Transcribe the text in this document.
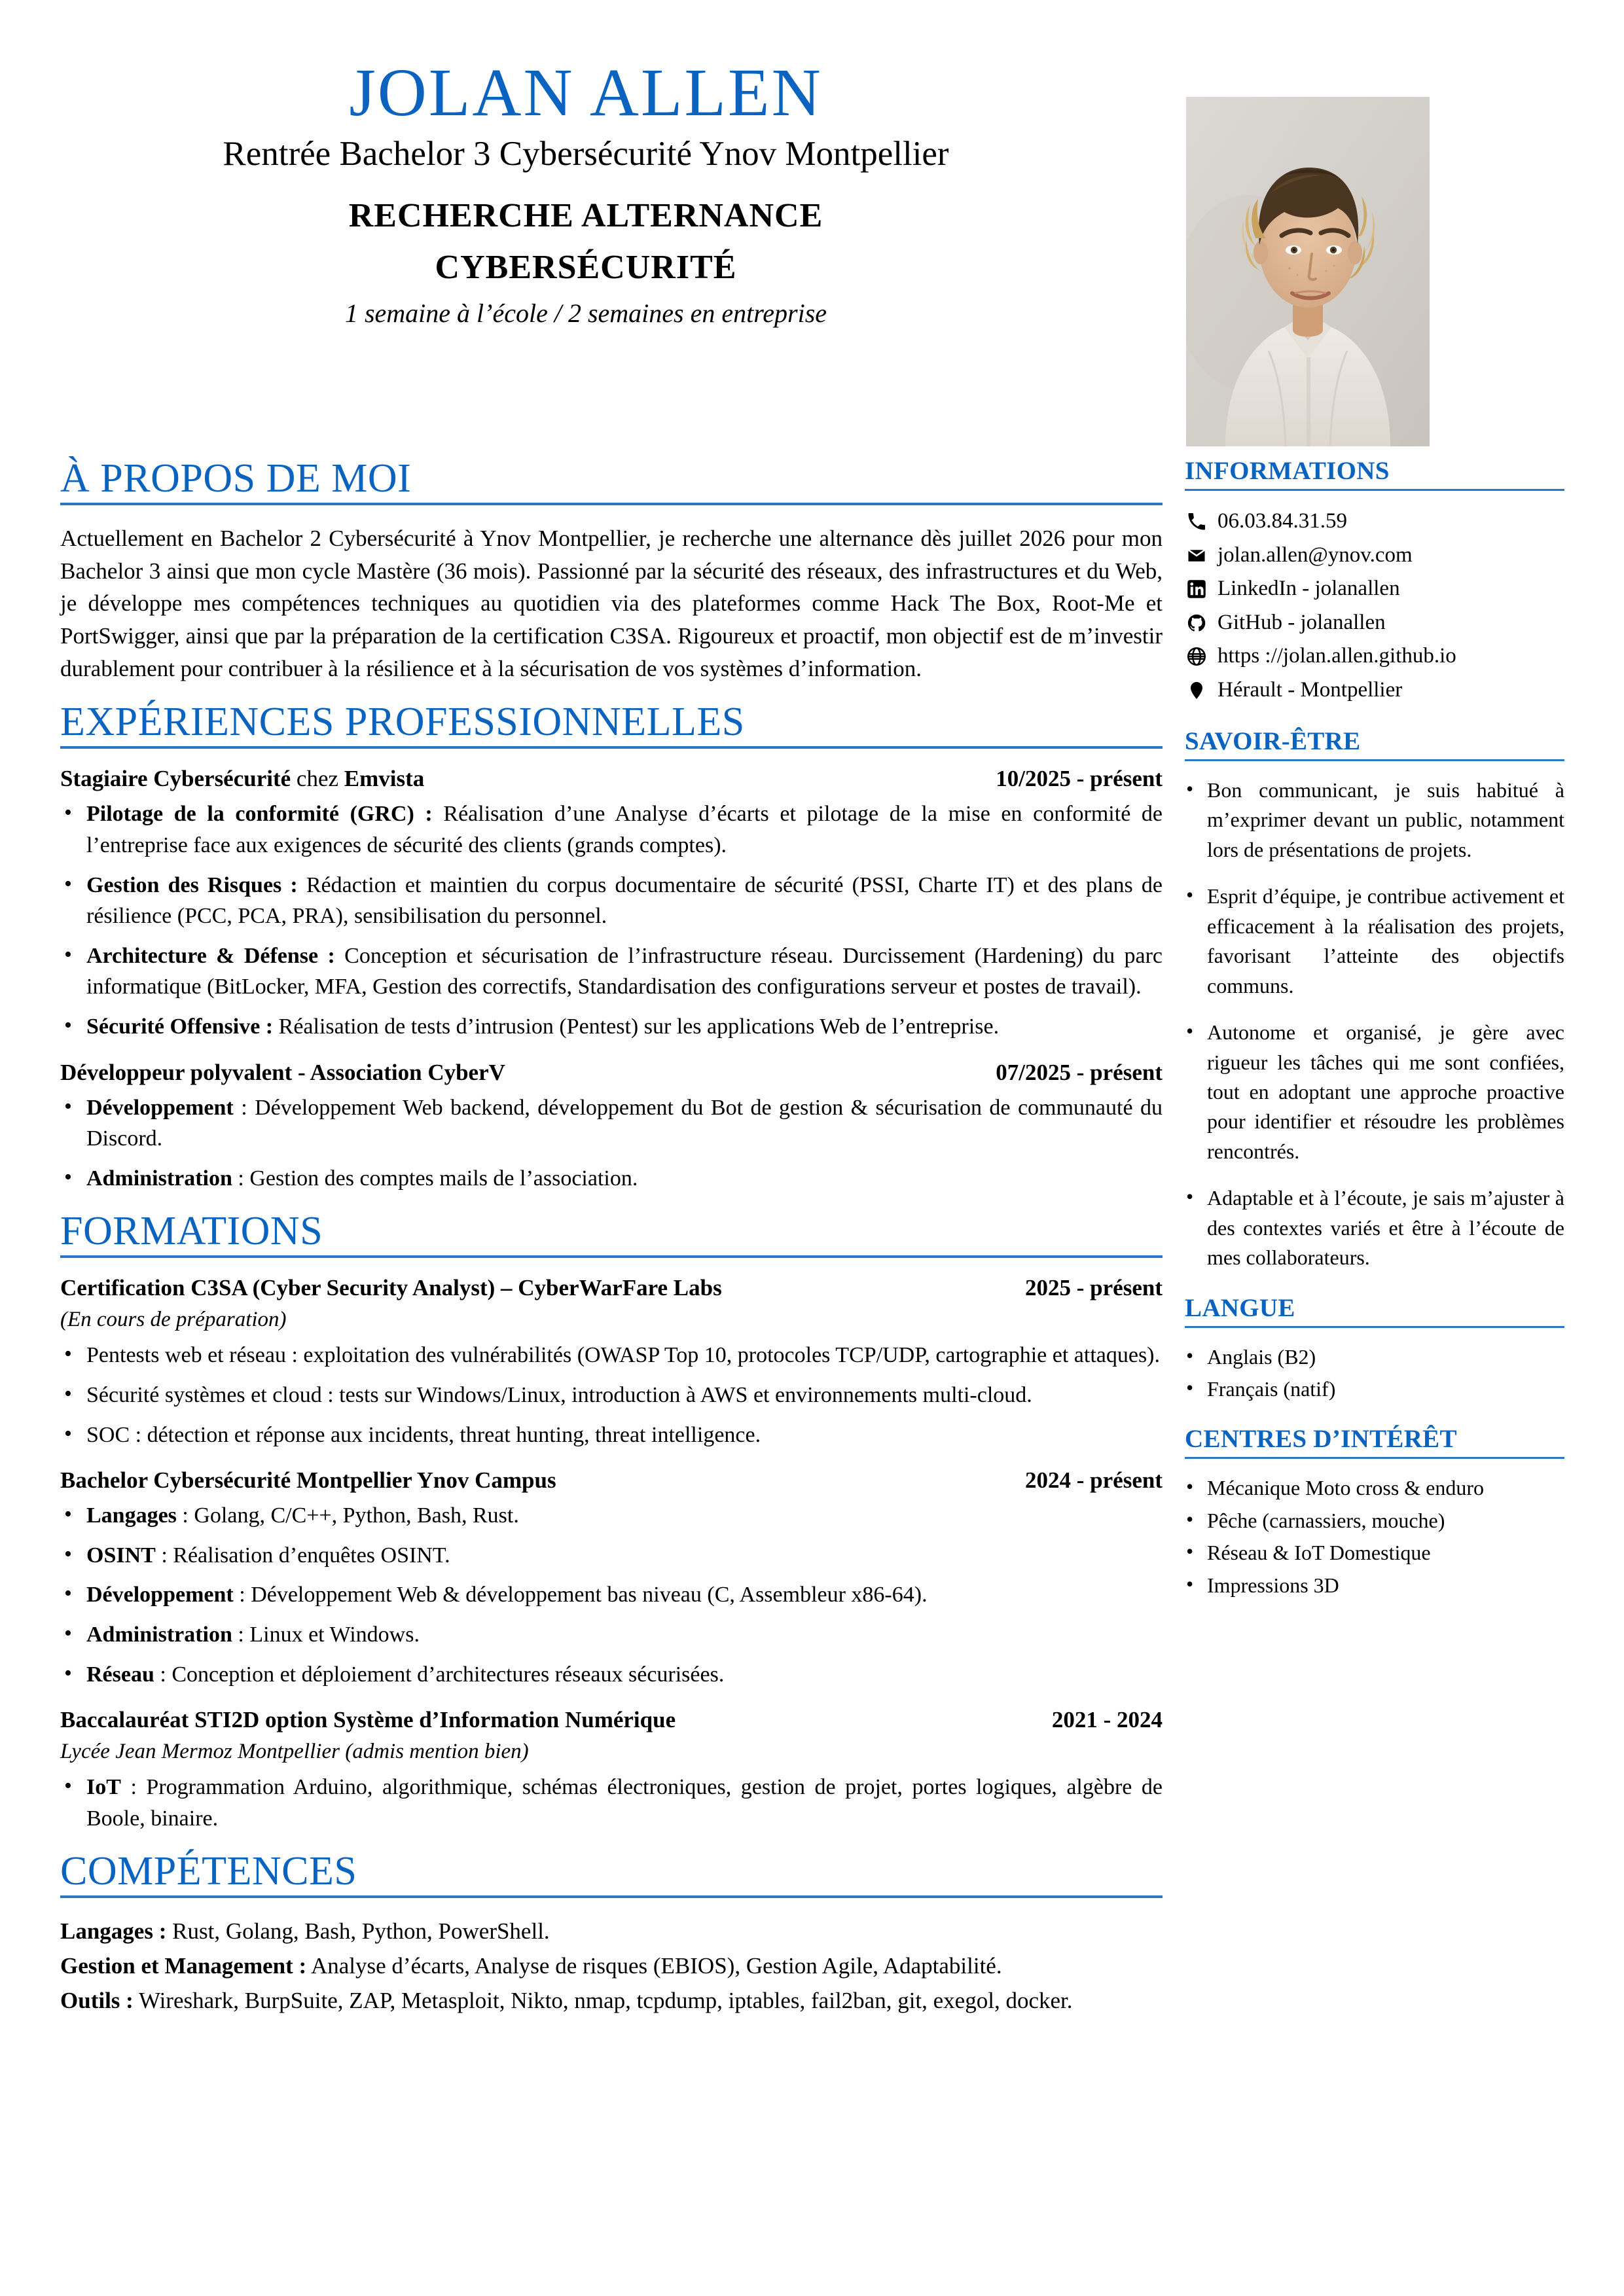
JOLAN ALLEN
Rentrée Bachelor 3 Cybersécurité Ynov Montpellier
RECHERCHE ALTERNANCE
CYBERSÉCURITÉ
1 semaine à l’école / 2 semaines en entreprise
À PROPOS DE MOI

Actuellement en Bachelor 2 Cybersécurité à Ynov Montpellier, je recherche une alternance dès juillet 2026 pour mon Bachelor 3 ainsi que mon cycle Mastère (36 mois). Passionné par la sécurité des réseaux, des infrastructures et du Web, je développe mes compétences techniques au quotidien via des plateformes comme Hack The Box, Root-Me et PortSwigger, ainsi que par la préparation de la certification C3SA. Rigoureux et proactif, mon objectif est de m’investir durablement pour contribuer à la résilience et à la sécurisation de vos systèmes d’information.

EXPÉRIENCES PROFESSIONNELLES
Stagiaire Cybersécurité chez Emvista	10/2025 - présent
• Pilotage de la conformité (GRC) : Réalisation d’une Analyse d’écarts et pilotage de la mise en conformité de l’entreprise face aux exigences de sécurité des clients (grands comptes).
• Gestion des Risques : Rédaction et maintien du corpus documentaire de sécurité (PSSI, Charte IT) et des plans de résilience (PCC, PCA, PRA), sensibilisation du personnel.
• Architecture & Défense : Conception et sécurisation de l’infrastructure réseau. Durcissement (Hardening) du parc informatique (BitLocker, MFA, Gestion des correctifs, Standardisation des configurations serveur et postes de travail).
• Sécurité Offensive : Réalisation de tests d’intrusion (Pentest) sur les applications Web de l’entreprise.
Développeur polyvalent - Association CyberV	07/2025 - présent
• Développement : Développement Web backend, développement du Bot de gestion & sécurisation de communauté du Discord.
• Administration : Gestion des comptes mails de l’association.
FORMATIONS
Certification C3SA (Cyber Security Analyst) – CyberWarFare Labs	2025 - présent
(En cours de préparation)
• Pentests web et réseau : exploitation des vulnérabilités (OWASP Top 10, protocoles TCP/UDP, cartographie et attaques).
• Sécurité systèmes et cloud : tests sur Windows/Linux, introduction à AWS et environnements multi-cloud.
• SOC : détection et réponse aux incidents, threat hunting, threat intelligence.
Bachelor Cybersécurité Montpellier Ynov Campus	2024 - présent
• Langages : Golang, C/C++, Python, Bash, Rust.
• OSINT : Réalisation d’enquêtes OSINT.
• Développement : Développement Web & développement bas niveau (C, Assembleur x86-64).
• Administration : Linux et Windows.
• Réseau : Conception et déploiement d’architectures réseaux sécurisées.
Baccalauréat STI2D option Système d’Information Numérique	2021 - 2024
Lycée Jean Mermoz Montpellier (admis mention bien)
• IoT : Programmation Arduino, algorithmique, schémas électroniques, gestion de projet, portes logiques, algèbre de Boole, binaire.
COMPÉTENCES

Langages : Rust, Golang, Bash, Python, PowerShell.

Gestion et Management : Analyse d’écarts, Analyse de risques (EBIOS), Gestion Agile, Adaptabilité.

Outils : Wireshark, BurpSuite, ZAP, Metasploit, Nikto, nmap, tcpdump, iptables, fail2ban, git, exegol, docker.

INFORMATIONS
06.03.84.31.59
jolan.allen@ynov.com
LinkedIn - jolanallen
GitHub - jolanallen
https ://jolan.allen.github.io
Hérault - Montpellier
SAVOIR-ÊTRE
• Bon communicant, je suis habitué à m’exprimer devant un public, notamment lors de présentations de projets.
• Esprit d’équipe, je contribue activement et efficacement à la réalisation des projets, favorisant l’atteinte des objectifs communs.
• Autonome et organisé, je gère avec rigueur les tâches qui me sont confiées, tout en adoptant une approche proactive pour identifier et résoudre les problèmes rencontrés.
• Adaptable et à l’écoute, je sais m’ajuster à des contextes variés et être à l’écoute de mes collaborateurs.
LANGUE
• Anglais (B2)
• Français (natif)
CENTRES D’INTÉRÊT
• Mécanique Moto cross & enduro
• Pêche (carnassiers, mouche)
• Réseau & IoT Domestique
• Impressions 3D
